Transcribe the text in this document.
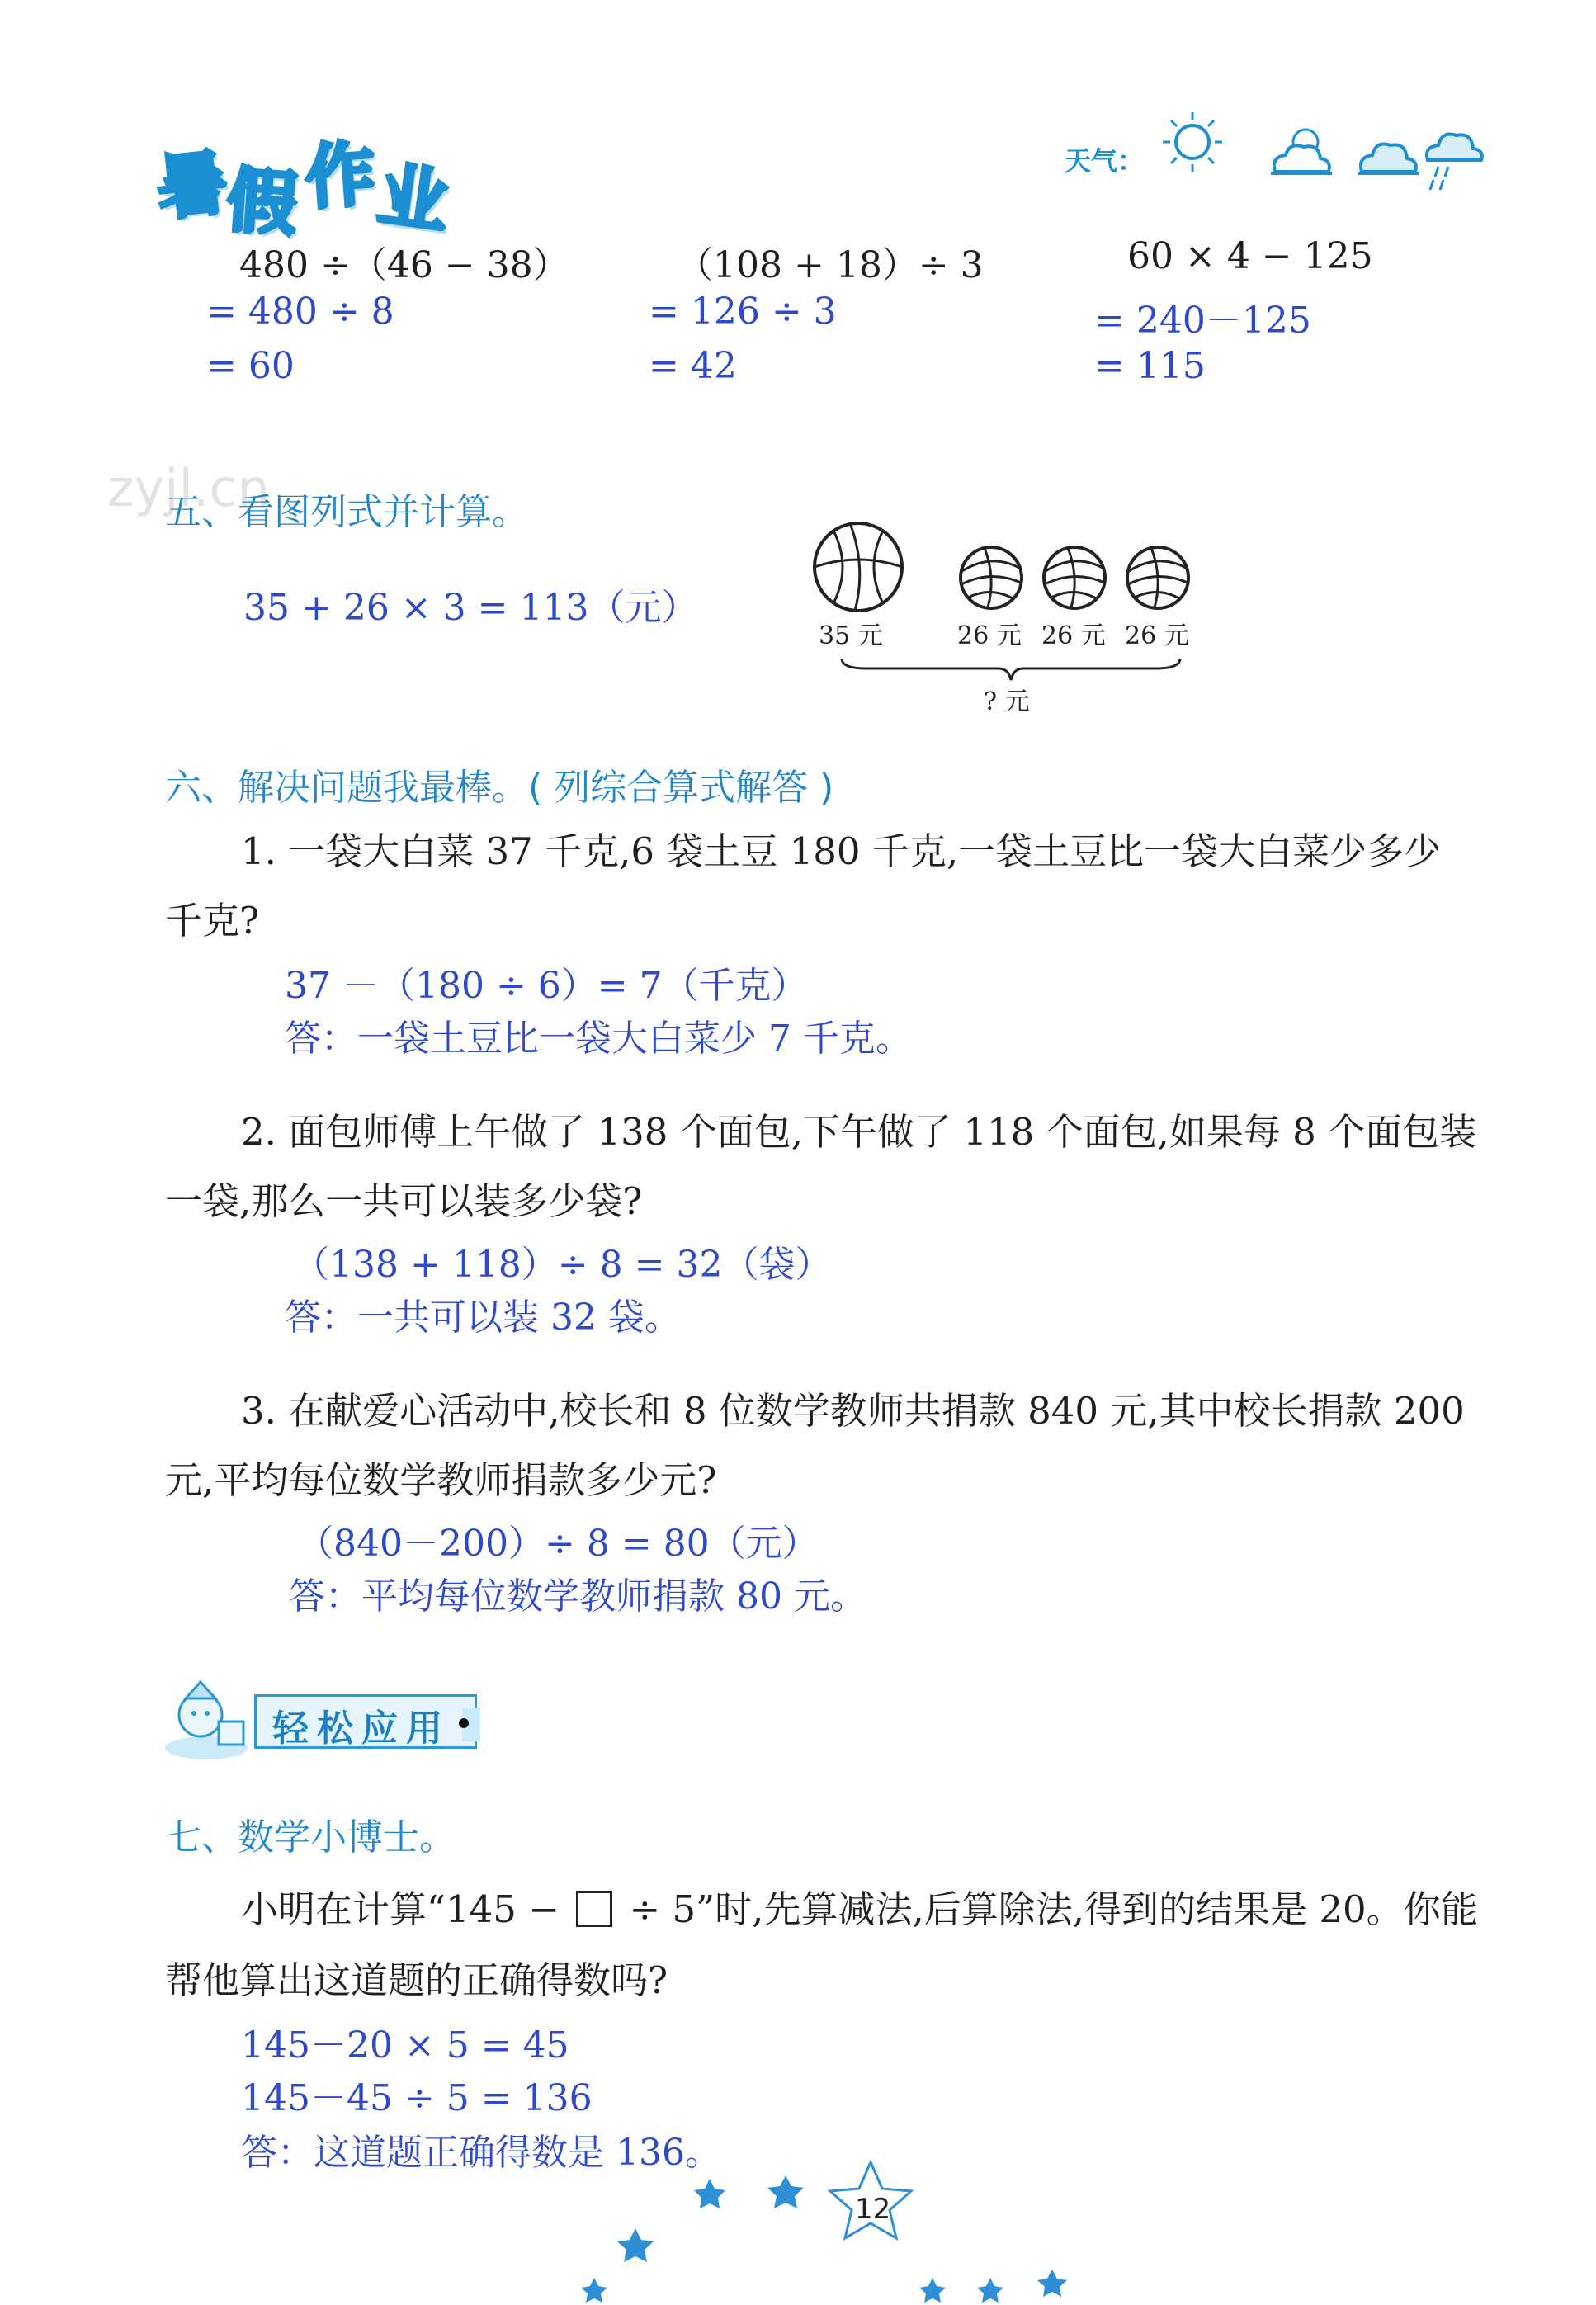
暑
假 作
业	天气：
480 ÷（46 − 38）
= 480 ÷ 8
= 60
（108 + 18）÷ 3
= 126 ÷ 3
= 42
60 × 4 − 125
= 240－125
= 115
zyjl.cn
五、看图列式并计算。
35 + 26 × 3 = 113（元）
35 元	26 元 26 元 26 元
? 元
六、解决问题我最棒。( 列综合算式解答 )
1. 一袋大白菜 37 千克,6 袋土豆 180 千克,一袋土豆比一袋大白菜少多少
千克?
37 －（180 ÷ 6）= 7（千克）
答：一袋土豆比一袋大白菜少 7 千克。
2. 面包师傅上午做了 138 个面包,下午做了 118 个面包,如果每 8 个面包装
一袋,那么一共可以装多少袋?
（138 + 118）÷ 8 = 32（袋）
答：一共可以装 32 袋。
3. 在献爱心活动中,校长和 8 位数学教师共捐款 840 元,其中校长捐款 200
元,平均每位数学教师捐款多少元?
（840－200）÷ 8 = 80（元）
答：平均每位数学教师捐款 80 元。
轻松应用
七、数学小博士。
小明在计算“145 −  ÷ 5”时,先算减法,后算除法,得到的结果是 20。你能
帮他算出这道题的正确得数吗?
145－20 × 5 = 45
145－45 ÷ 5 = 136
答：这道题正确得数是 136。
12
